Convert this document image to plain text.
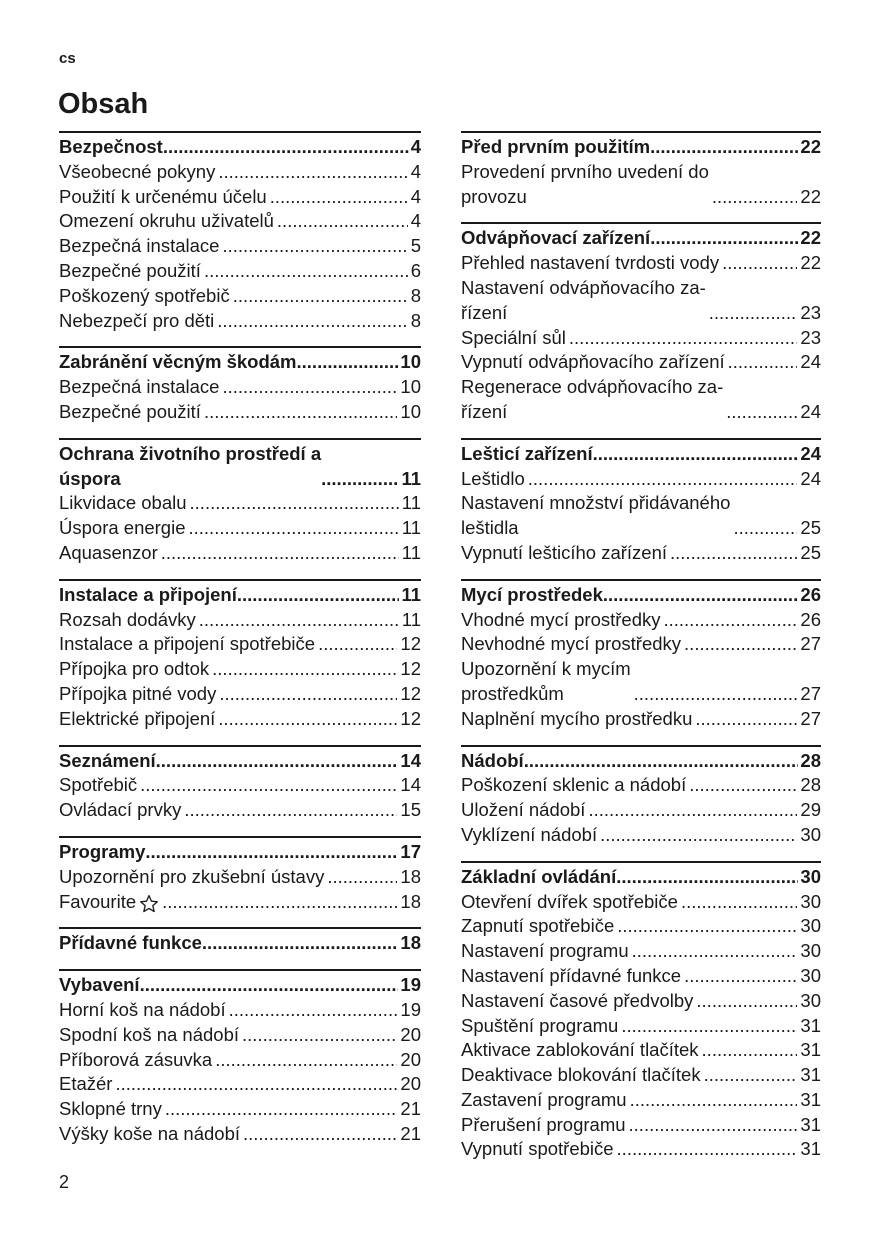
cs
Obsah
Bezpečnost .....	4
Všeobecné pokyny .....	4
Použití k určenému účelu .....	4
Omezení okruhu uživatelů .....	4
Bezpečná instalace .....	5
Bezpečné použití .....	6
Poškozený spotřebič .....	8
Nebezpečí pro děti .....	8
Zabránění věcným škodám .....	10
Bezpečná instalace .....	10
Bezpečné použití .....	10
Ochrana životního prostředí a
úspora .....	11
Likvidace obalu .....	11
Úspora energie .....	11
Aquasenzor .....	11
Instalace a připojení .....	11
Rozsah dodávky .....	11
Instalace a připojení spotřebiče .....	12
Přípojka pro odtok .....	12
Přípojka pitné vody .....	12
Elektrické připojení .....	12
Seznámení .....	14
Spotřebič .....	14
Ovládací prvky .....	15
Programy .....	17
Upozornění pro zkušební ústavy .....	18
Favourite .....	18
Přídavné funkce .....	18
Vybavení .....	19
Horní koš na nádobí .....	19
Spodní koš na nádobí .....	20
Příborová zásuvka .....	20
Etažér .....	20
Sklopné trny .....	21
Výšky koše na nádobí .....	21
Před prvním použitím .....	22
Provedení prvního uvedení do
provozu .....	22
Odvápňovací zařízení .....	22
Přehled nastavení tvrdosti vody .....	22
Nastavení odvápňovacího za-
řízení .....	23
Speciální sůl .....	23
Vypnutí odvápňovacího zařízení .....	24
Regenerace odvápňovacího za-
řízení .....	24
Lešticí zařízení .....	24
Leštidlo .....	24
Nastavení množství přidávaného
leštidla .....	25
Vypnutí lešticího zařízení .....	25
Mycí prostředek .....	26
Vhodné mycí prostředky .....	26
Nevhodné mycí prostředky .....	27
Upozornění k mycím
prostředkům .....	27
Naplnění mycího prostředku .....	27
Nádobí .....	28
Poškození sklenic a nádobí .....	28
Uložení nádobí .....	29
Vyklízení nádobí .....	30
Základní ovládání .....	30
Otevření dvířek spotřebiče .....	30
Zapnutí spotřebiče .....	30
Nastavení programu .....	30
Nastavení přídavné funkce .....	30
Nastavení časové předvolby .....	30
Spuštění programu .....	31
Aktivace zablokování tlačítek .....	31
Deaktivace blokování tlačítek .....	31
Zastavení programu .....	31
Přerušení programu .....	31
Vypnutí spotřebiče .....	31
2
